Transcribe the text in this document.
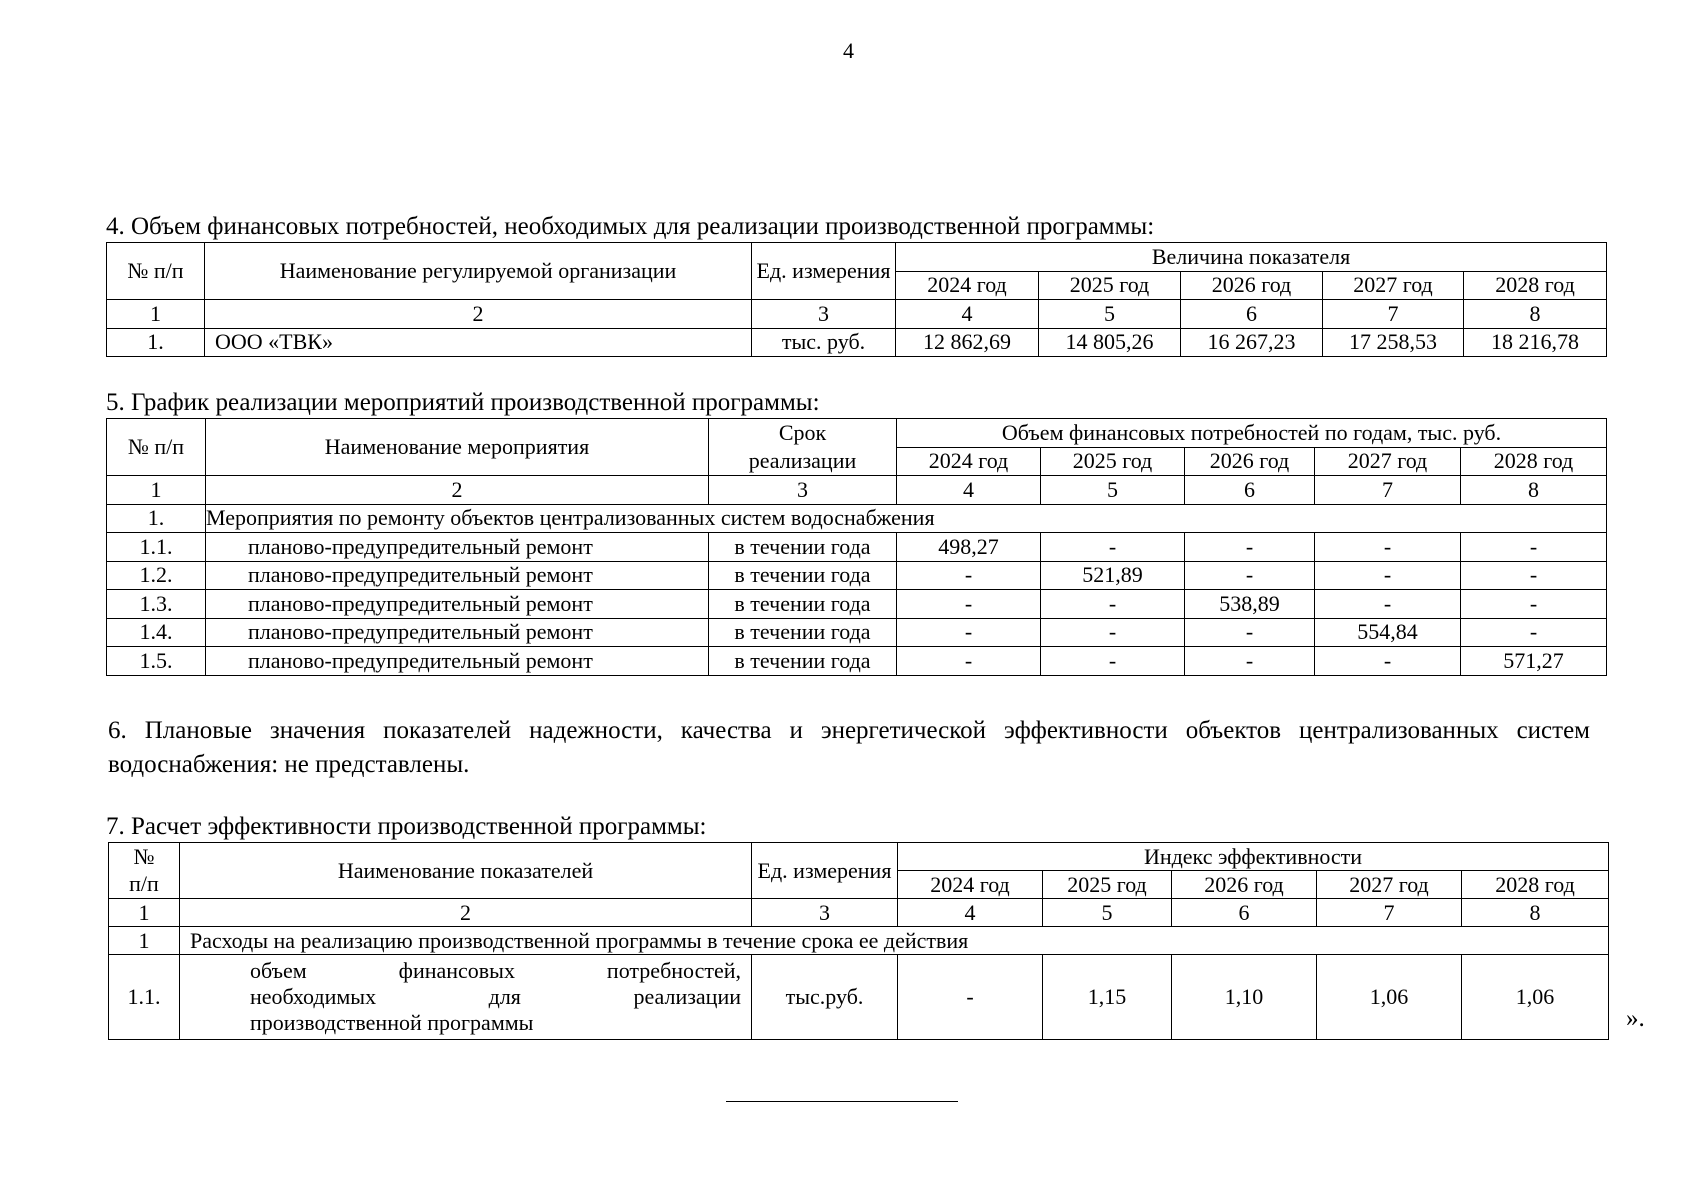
4
4. Объем финансовых потребностей, необходимых для реализации производственной программы:
№ п/п	Наименование регулируемой организации	Ед. измерения	Величина показателя				
			2024 год	2025 год	2026 год	2027 год	2028 год
1	2	3	4	5	6	7	8
1.	ООО «ТВК»	тыс. руб.	12 862,69	14 805,26	16 267,23	17 258,53	18 216,78
5. График реализации мероприятий производственной программы:
№ п/п	Наименование мероприятия	Срок	Объем финансовых потребностей по годам, тыс. руб.				
		реализации	2024 год	2025 год	2026 год	2027 год	2028 год
1	2	3	4	5	6	7	8
1.	Мероприятия по ремонту объектов централизованных систем водоснабжения						
1.1.	планово-предупредительный ремонт	в течении года	498,27	-	-	-	-
1.2.	планово-предупредительный ремонт	в течении года	-	521,89	-	-	-
1.3.	планово-предупредительный ремонт	в течении года	-	-	538,89	-	-
1.4.	планово-предупредительный ремонт	в течении года	-	-	-	554,84	-
1.5.	планово-предупредительный ремонт	в течении года	-	-	-	-	571,27
6. Плановые значения показателей надежности, качества и энергетической эффективности объектов централизованных систем водоснабжения: не представлены.
7. Расчет эффективности производственной программы:
№	Наименование показателей	Ед. измерения	Индекс эффективности				
п/п			2024 год	2025 год	2026 год	2027 год	2028 год
1	2	3	4	5	6	7	8
1	Расходы на реализацию производственной программы в течение срока ее действия						
1.1.	объем финансовых потребностей,
необходимых для реализации
производственной программы	тыс.руб.	-	1,15	1,10	1,06	1,06
».
